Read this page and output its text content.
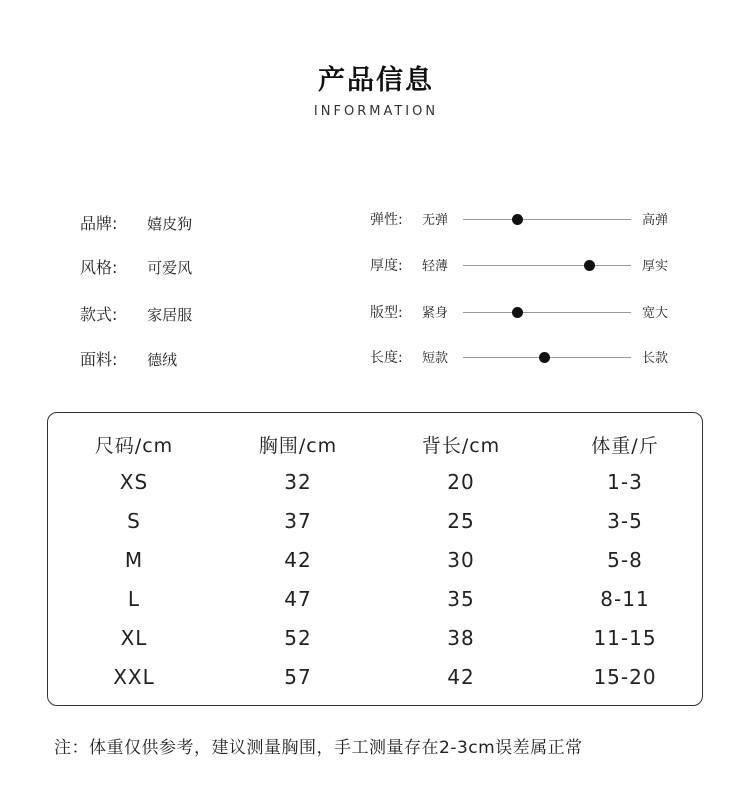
产品信息
INFORMATION
品牌: 嬉皮狗
风格: 可爱风
款式: 家居服
面料: 德绒
弹性: 无弹	高弹
厚度: 轻薄	厚实
版型: 紧身	宽大
长度: 短款	长款
尺码/cm	胸围/cm	背长/cm	体重/斤
XS	32	20	1-3
S	37	25	3-5
M	42	30	5-8
L	47	35	8-11
XL	52	38	11-15
XXL	57	42	15-20
注：体重仅供参考，建议测量胸围，手工测量存在2-3cm误差属正常
